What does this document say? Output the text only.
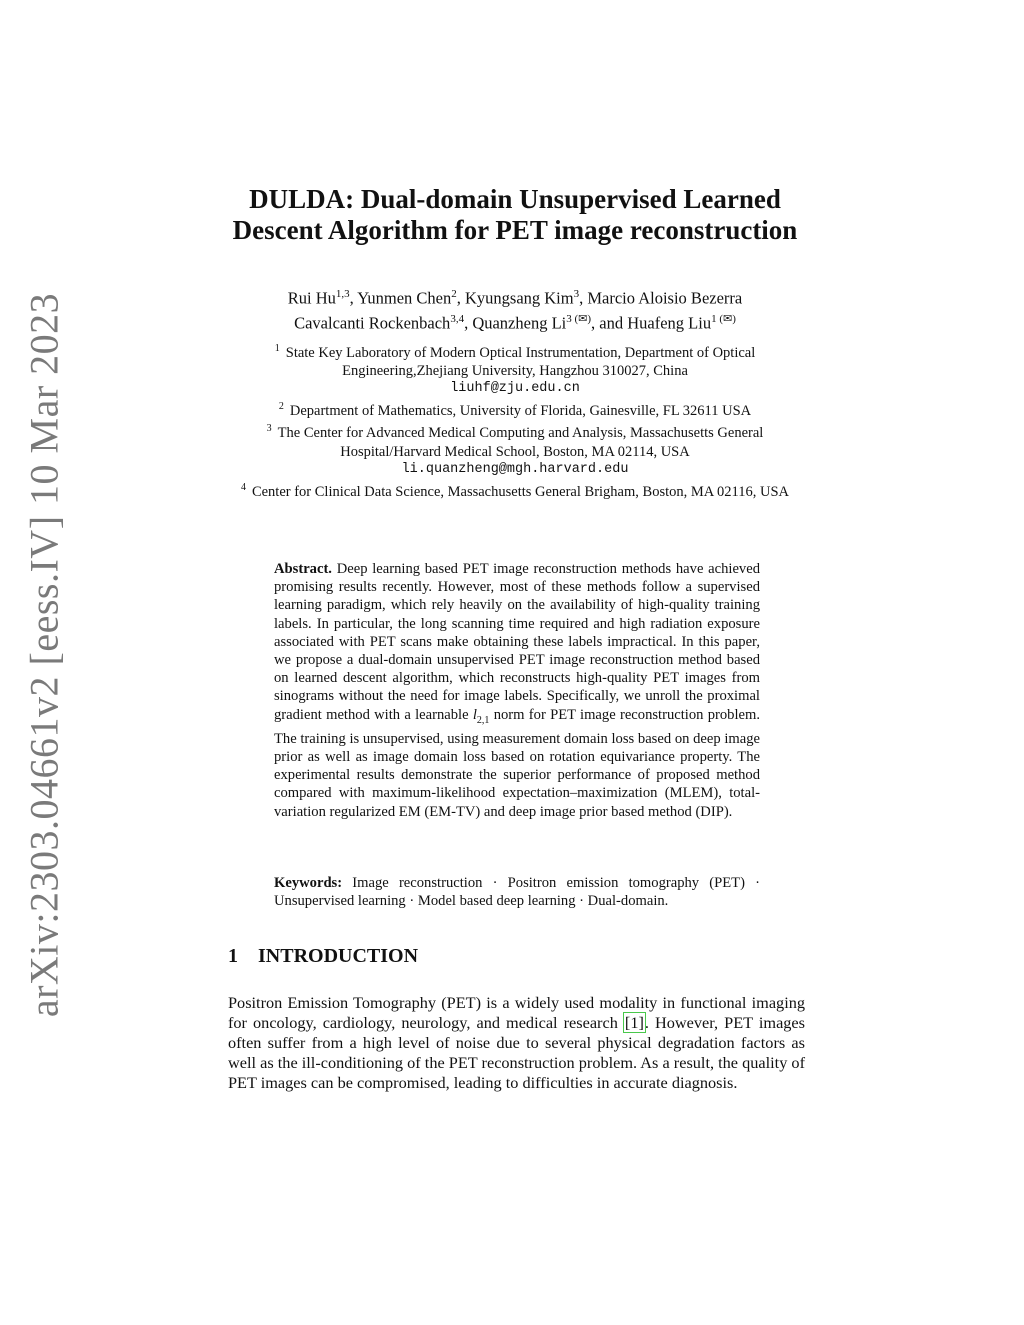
arXiv:2303.04661v2 [eess.IV] 10 Mar 2023
DULDA: Dual-domain Unsupervised Learned
Descent Algorithm for PET image reconstruction
Rui Hu$^{1,3}$, Yunmen Chen$^2$, Kyungsang Kim$^3$, Marcio Aloisio Bezerra
Cavalcanti Rockenbach$^{3,4}$, Quanzheng $Li^{3 (✉)}$, and Huafeng Liu$^{1 (✉)}$
$^1$ State Key Laboratory of Modern Optical Instrumentation, Department of Optical Engineering,Zhejiang University, Hangzhou 310027, China
liuhf@zju.edu.cn
$^2$ Department of Mathematics, University of Florida, Gainesville, FL 32611 USA
$^3$ The Center for Advanced Medical Computing and Analysis, Massachusetts General Hospital/Harvard Medical School, Boston, MA 02114, USA
li.quanzheng@mgh.harvard.edu
$^4$ Center for Clinical Data Science, Massachusetts General Brigham, Boston, MA 02116, USA
Abstract. Deep learning based PET image reconstruction methods have achieved promising results recently. However, most of these methods follow a supervised learning paradigm, which rely heavily on the availability of high-quality training labels. In particular, the long scanning time required and high radiation exposure associated with PET scans make obtaining these labels impractical. In this paper, we propose a dual-domain unsupervised PET image reconstruction method based on learned descent algorithm, which reconstructs high-quality PET images from sinograms without the need for image labels. Specifically, we unroll the proximal gradient method with a learnable $l_{2,1}$ norm for PET image reconstruction problem. The training is unsupervised, using measurement domain loss based on deep image prior as well as image domain loss based on rotation equivariance property. The experimental results demonstrate the superior performance of proposed method compared with maximum-likelihood expectation–maximization (MLEM), total-variation regularized EM (EM-TV) and deep image prior based method (DIP).
Keywords: Image reconstruction · Positron emission tomography (PET) · Unsupervised learning · Model based deep learning · Dual-domain.
1 INTRODUCTION
Positron Emission Tomography (PET) is a widely used modality in functional imaging for oncology, cardiology, neurology, and medical research [1]. However, PET images often suffer from a high level of noise due to several physical degradation factors as well as the ill-conditioning of the PET reconstruction problem. As a result, the quality of PET images can be compromised, leading to difficulties in accurate diagnosis.
